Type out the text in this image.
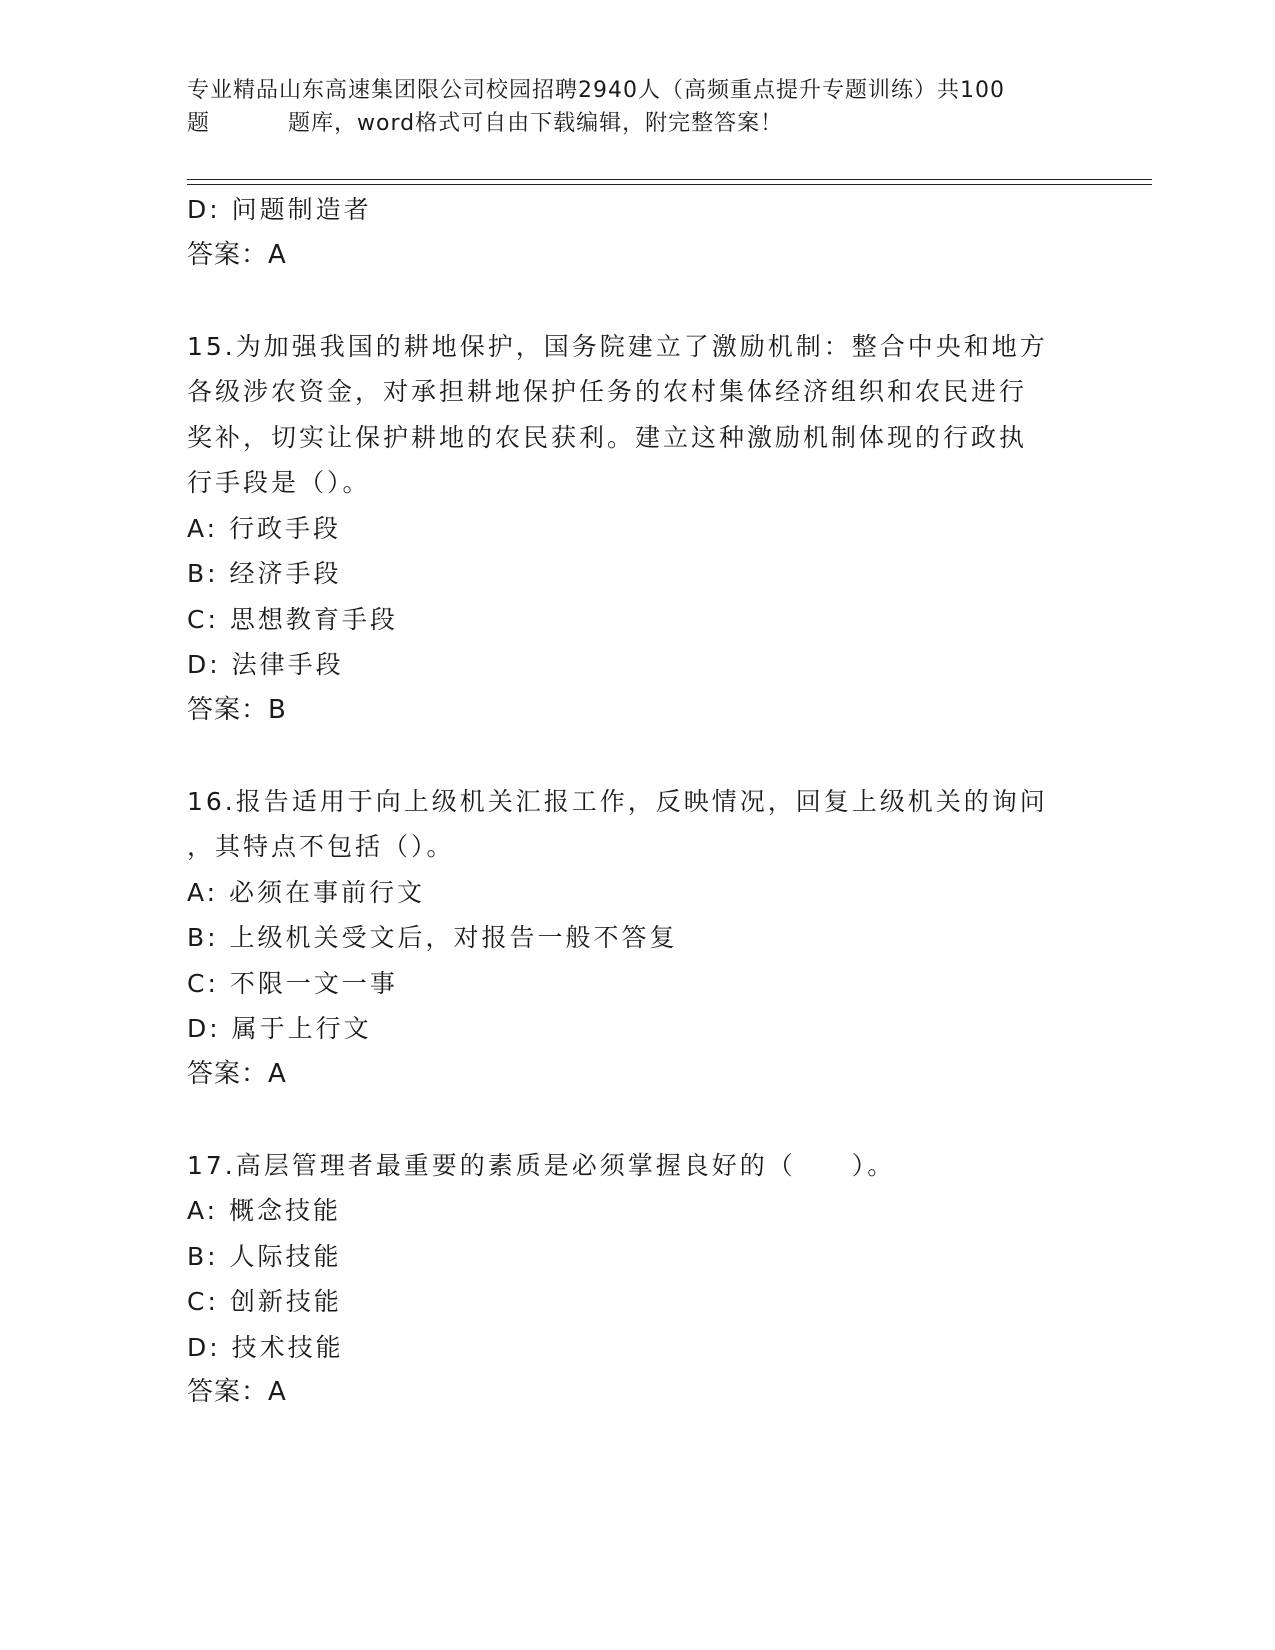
专业精品山东高速集团限公司校园招聘2940人（高频重点提升专题训练）共100
题	题库，word格式可自由下载编辑，附完整答案！
D: 问题制造者
答案：A
15.为加强我国的耕地保护，国务院建立了激励机制：整合中央和地方
各级涉农资金，对承担耕地保护任务的农村集体经济组织和农民进行
奖补，切实让保护耕地的农民获利。建立这种激励机制体现的行政执
行手段是（）。
A: 行政手段
B: 经济手段
C: 思想教育手段
D: 法律手段
答案：B
16.报告适用于向上级机关汇报工作，反映情况，回复上级机关的询问
，其特点不包括（）。
A: 必须在事前行文
B: 上级机关受文后，对报告一般不答复
C: 不限一文一事
D: 属于上行文
答案：A
17.高层管理者最重要的素质是必须掌握良好的（　　）。
A: 概念技能
B: 人际技能
C: 创新技能
D: 技术技能
答案：A
